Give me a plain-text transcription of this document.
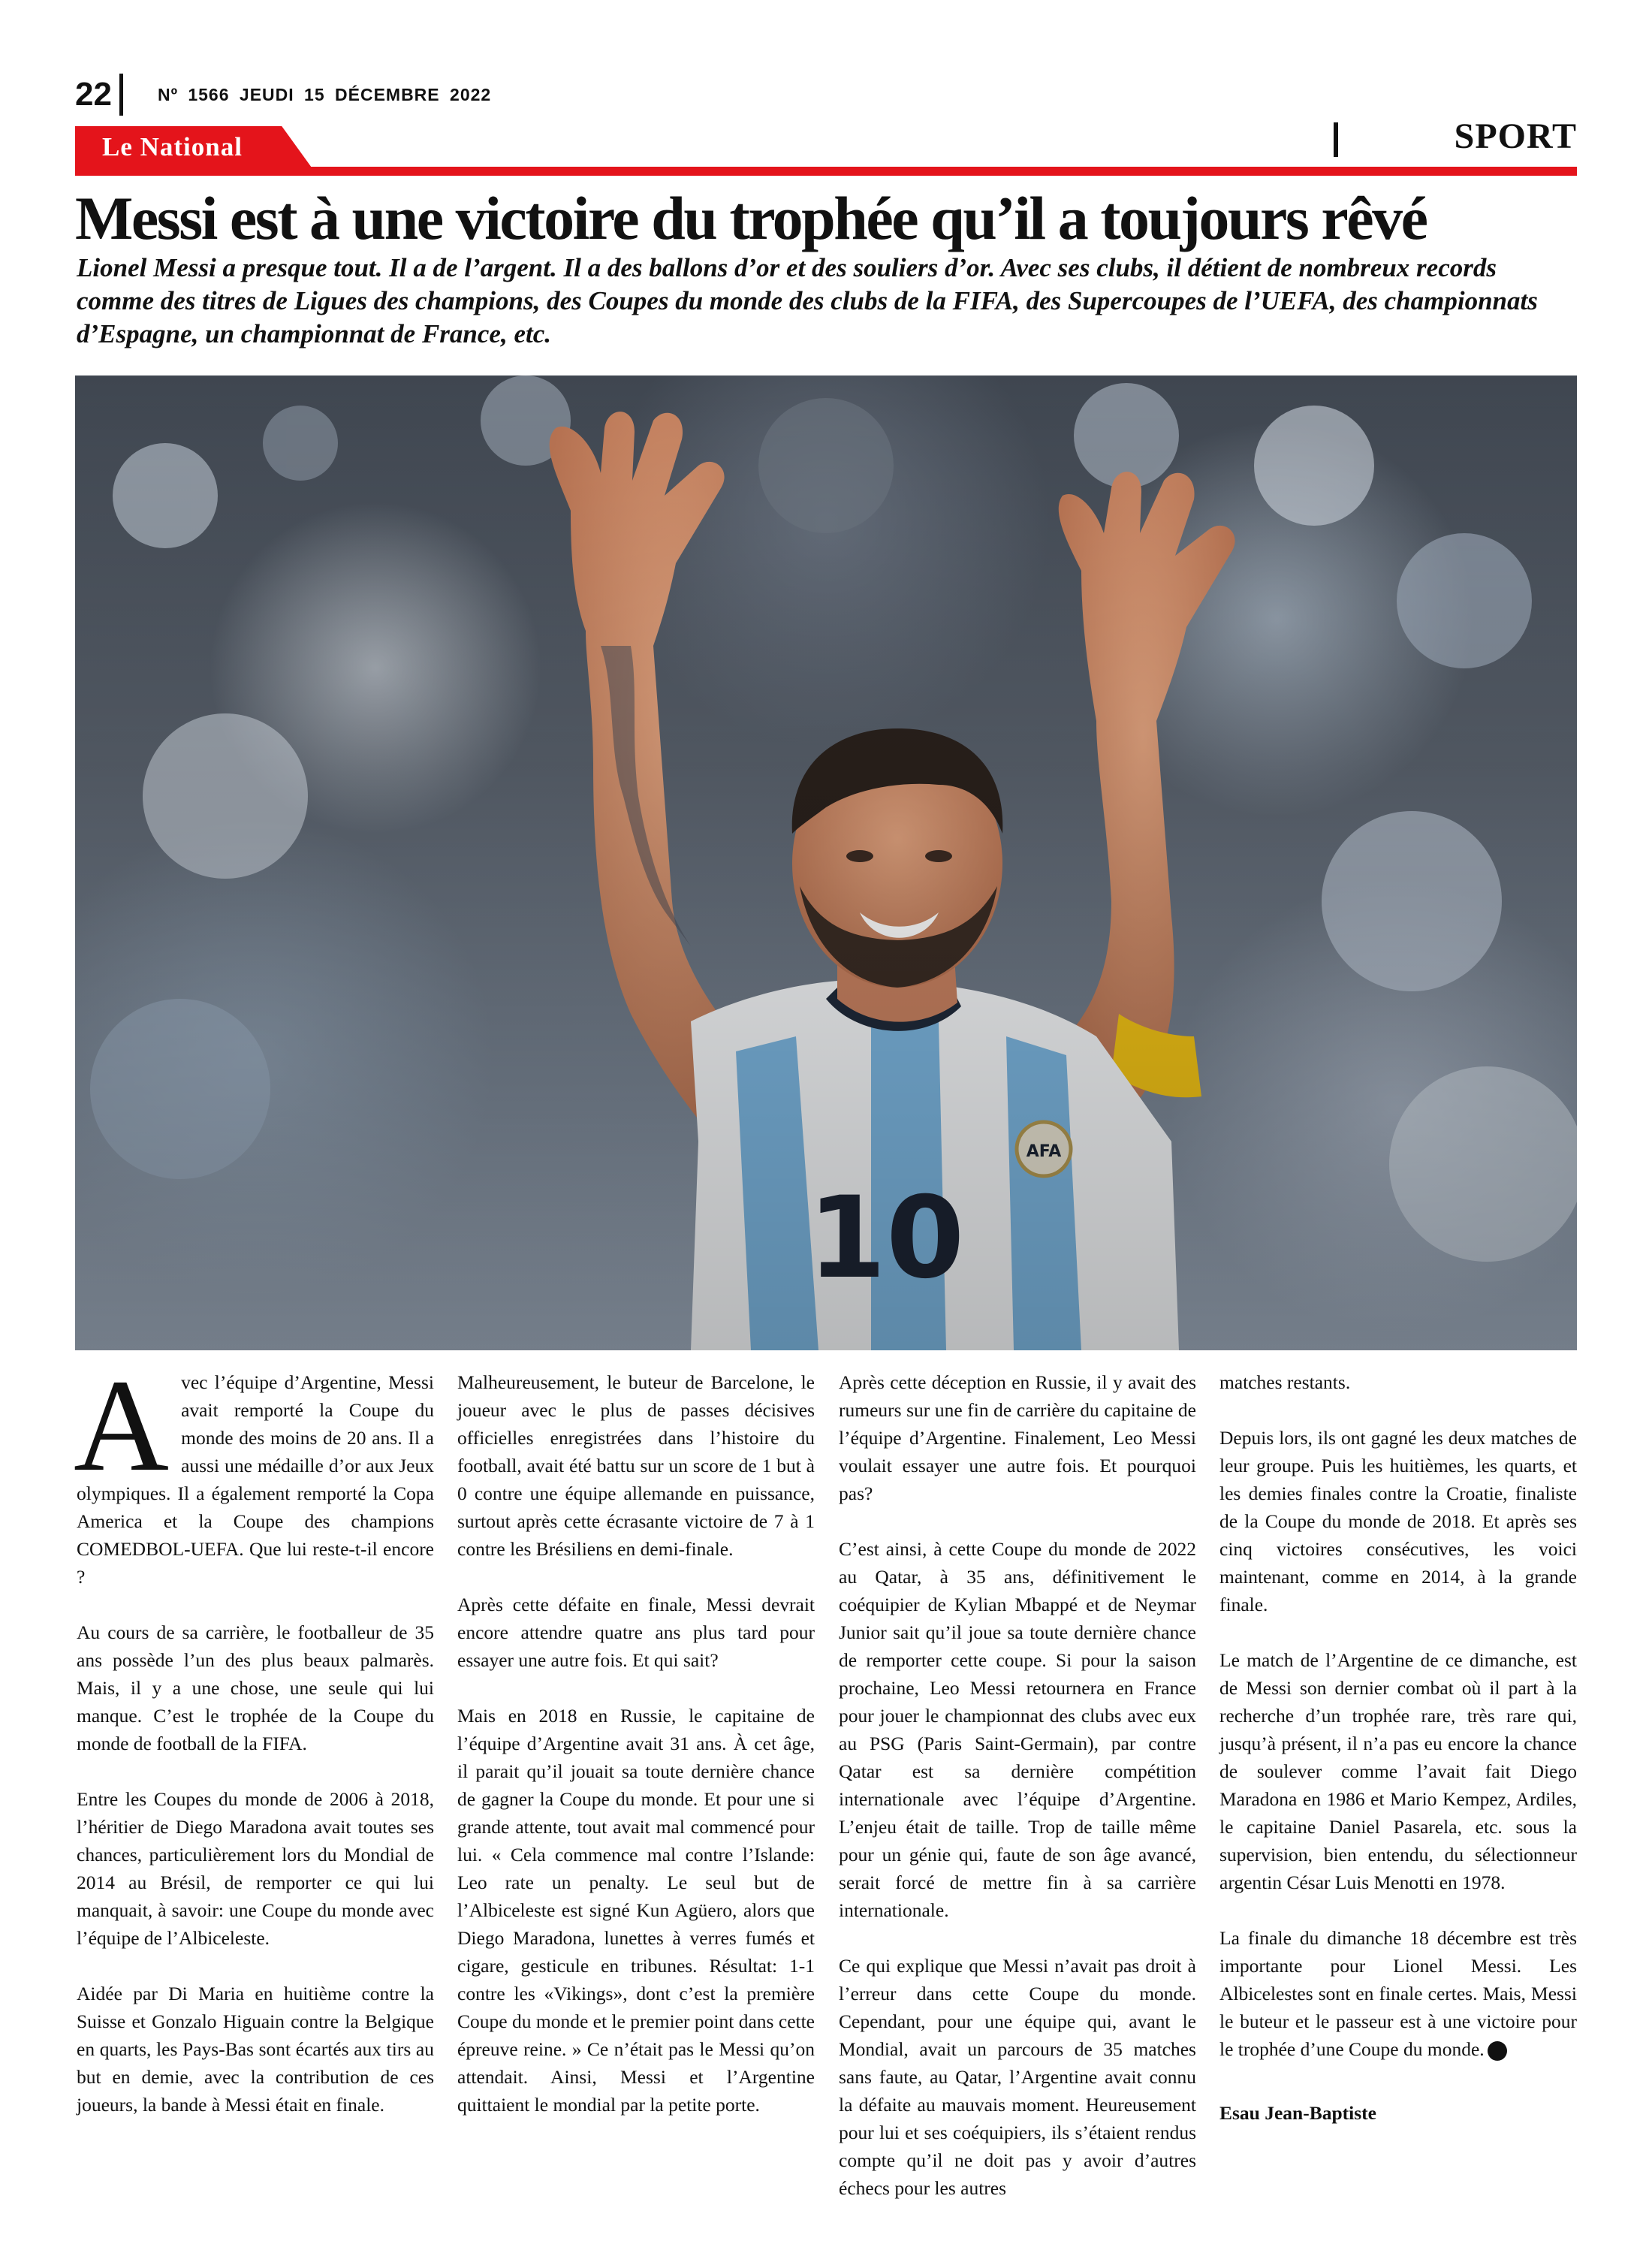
22	Nº 1566 JEUDI 15 DÉCEMBRE 2022
Le National	SPORT
Messi est à une victoire du trophée qu’il a toujours rêvé

Lionel Messi a presque tout. Il a de l’argent. Il a des ballons d’or et des souliers d’or. Avec ses clubs, il détient de nombreux records comme des titres de Ligues des champions, des Coupes du monde des clubs de la FIFA, des Supercoupes de l’UEFA, des championnats d’Espagne, un championnat de France, etc.

Avec l’équipe d’Argentine, Messi avait remporté la Coupe du monde des moins de 20 ans. Il a aussi une médaille d’or aux Jeux olympiques. Il a également remporté la Copa America et la Coupe des champions COMEDBOL-UEFA. Que lui reste-t-il encore ?

Au cours de sa carrière, le footballeur de 35 ans possède l’un des plus beaux palmarès. Mais, il y a une chose, une seule qui lui manque. C’est le trophée de la Coupe du monde de football de la FIFA.

Entre les Coupes du monde de 2006 à 2018, l’héritier de Diego Maradona avait toutes ses chances, particulièrement lors du Mondial de 2014 au Brésil, de remporter ce qui lui manquait, à savoir: une Coupe du monde avec l’équipe de l’Albiceleste.

Aidée par Di Maria en huitième contre la Suisse et Gonzalo Higuain contre la Belgique en quarts, les Pays-Bas sont écartés aux tirs au but en demie, avec la contribution de ces joueurs, la bande à Messi était en finale.

Malheureusement, le buteur de Barcelone, le joueur avec le plus de passes décisives officielles enregistrées dans l’histoire du football, avait été battu sur un score de 1 but à 0 contre une équipe allemande en puissance, surtout après cette écrasante victoire de 7 à 1 contre les Brésiliens en demi-finale.

Après cette défaite en finale, Messi devrait encore attendre quatre ans plus tard pour essayer une autre fois. Et qui sait?

Mais en 2018 en Russie, le capitaine de l’équipe d’Argentine avait 31 ans. À cet âge, il parait qu’il jouait sa toute dernière chance de gagner la Coupe du monde. Et pour une si grande attente, tout avait mal commencé pour lui. « Cela commence mal contre l’Islande: Leo rate un penalty. Le seul but de l’Albiceleste est signé Kun Agüero, alors que Diego Maradona, lunettes à verres fumés et cigare, gesticule en tribunes. Résultat: 1-1 contre les «Vikings», dont c’est la première Coupe du monde et le premier point dans cette épreuve reine. » Ce n’était pas le Messi qu’on attendait. Ainsi, Messi et l’Argentine quittaient le mondial par la petite porte.

Après cette déception en Russie, il y avait des rumeurs sur une fin de carrière du capitaine de l’équipe d’Argentine. Finalement, Leo Messi voulait essayer une autre fois. Et pourquoi pas?

C’est ainsi, à cette Coupe du monde de 2022 au Qatar, à 35 ans, définitivement le coéquipier de Kylian Mbappé et de Neymar Junior sait qu’il joue sa toute dernière chance de remporter cette coupe. Si pour la saison prochaine, Leo Messi retournera en France pour jouer le championnat des clubs avec eux au PSG (Paris Saint-Germain), par contre Qatar est sa dernière compétition internationale avec l’équipe d’Argentine. L’enjeu était de taille. Trop de taille même pour un génie qui, faute de son âge avancé, serait forcé de mettre fin à sa carrière internationale.

Ce qui explique que Messi n’avait pas droit à l’erreur dans cette Coupe du monde. Cependant, pour une équipe qui, avant le Mondial, avait un parcours de 35 matches sans faute, au Qatar, l’Argentine avait connu la défaite au mauvais moment. Heureusement pour lui et ses coéquipiers, ils s’étaient rendus compte qu’il ne doit pas y avoir d’autres échecs pour les autres

matches restants.

Depuis lors, ils ont gagné les deux matches de leur groupe. Puis les huitièmes, les quarts, et les demies finales contre la Croatie, finaliste de la Coupe du monde de 2018. Et après ses cinq victoires consécutives, les voici maintenant, comme en 2014, à la grande finale.

Le match de l’Argentine de ce dimanche, est de Messi son dernier combat où il part à la recherche d’un trophée rare, très rare qui, jusqu’à présent, il n’a pas eu encore la chance de soulever comme l’avait fait Diego Maradona en 1986 et Mario Kempez, Ardiles, le capitaine Daniel Pasarela, etc. sous la supervision, bien entendu, du sélectionneur argentin César Luis Menotti en 1978.

La finale du dimanche 18 décembre est très importante pour Lionel Messi. Les Albicelestes sont en finale certes. Mais, Messi le buteur et le passeur est à une victoire pour le trophée d’une Coupe du monde.

Esau Jean-Baptiste
